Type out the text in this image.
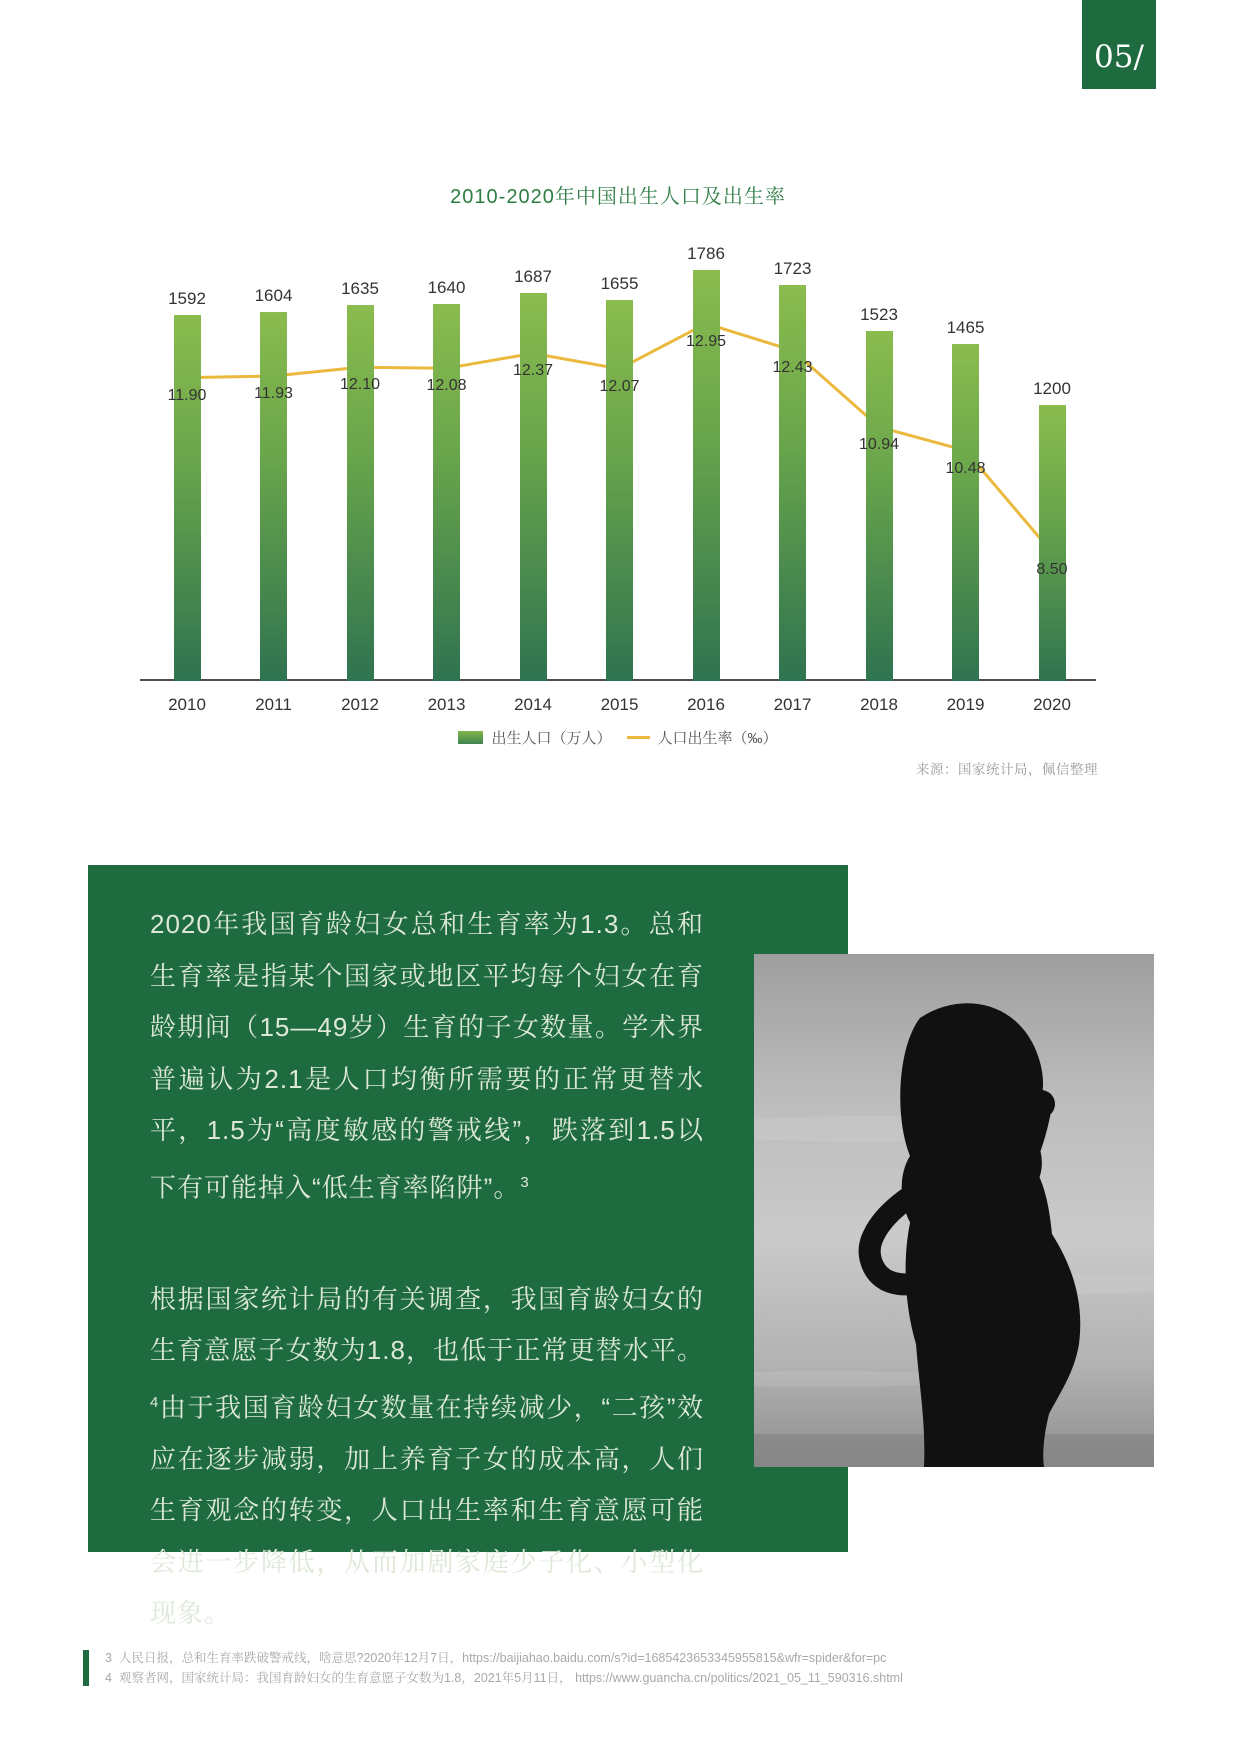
05/
2010-2020年中国出生人口及出生率
1592
11.90
2010
1604
11.93
2011
1635
12.10
2012
1640
12.08
2013
1687
12.37
2014
1655
12.07
2015
1786
12.95
2016
1723
12.43
2017
1523
10.94
2018
1465
10.48
2019
1200
8.50
2020
出生人口（万人）	人口出生率（‰）
来源：国家统计局，佩信整理

2020年我国育龄妇女总和生育率为1.3。总和生育率是指某个国家或地区平均每个妇女在育龄期间（15—49岁）生育的子女数量。学术界普遍认为2.1是人口均衡所需要的正常更替水平，1.5为“高度敏感的警戒线”，跌落到1.5以下有可能掉入“低生育率陷阱”。$^3$

根据国家统计局的有关调查，我国育龄妇女的生育意愿子女数为1.8，也低于正常更替水平。$^4$由于我国育龄妇女数量在持续减少，“二孩”效应在逐步减弱，加上养育子女的成本高，人们生育观念的转变，人口出生率和生育意愿可能会进一步降低，从而加剧家庭少子化、小型化现象。

3 人民日报，总和生育率跌破警戒线，啥意思?2020年12月7日，https://baijiahao.baidu.com/s?id=1685423653345955815&wfr=spider&for=pc
4 观察者网，国家统计局：我国育龄妇女的生育意愿子女数为1.8，2021年5月11日， https://www.guancha.cn/politics/2021_05_11_590316.shtml
